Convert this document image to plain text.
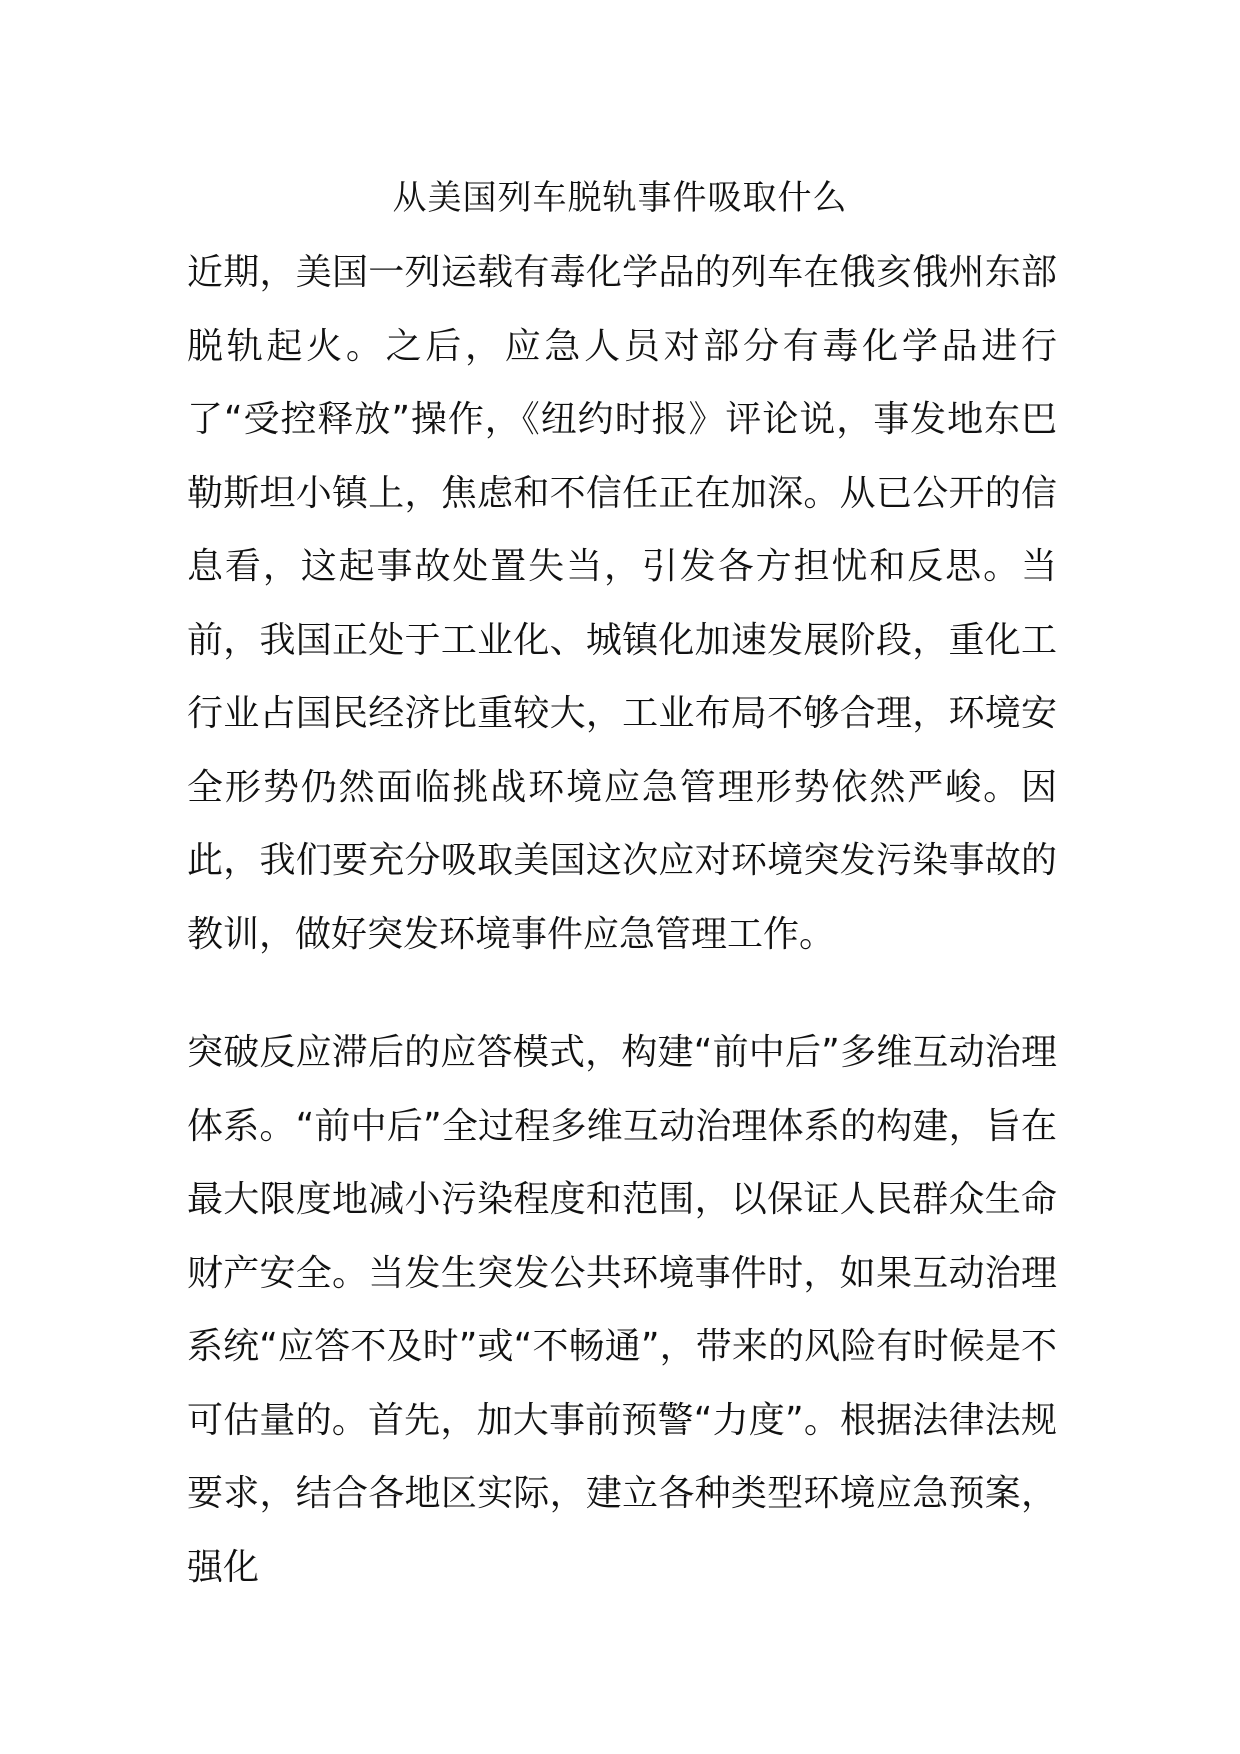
从美国列车脱轨事件吸取什么
近期，美国一列运载有毒化学品的列车在俄亥俄州东部脱轨起火。之后，应急人员对部分有毒化学品进行了“受控释放”操作，《纽约时报》评论说，事发地东巴勒斯坦小镇上，焦虑和不信任正在加深。从已公开的信息看，这起事故处置失当，引发各方担忧和反思。当前，我国正处于工业化、城镇化加速发展阶段，重化工行业占国民经济比重较大，工业布局不够合理，环境安全形势仍然面临挑战环境应急管理形势依然严峻。因此，我们要充分吸取美国这次应对环境突发污染事故的教训，做好突发环境事件应急管理工作。
突破反应滞后的应答模式，构建“前中后”多维互动治理体系。“前中后”全过程多维互动治理体系的构建，旨在最大限度地减小污染程度和范围，以保证人民群众生命财产安全。当发生突发公共环境事件时，如果互动治理系统“应答不及时”或“不畅通”，带来的风险有时候是不可估量的。首先，加大事前预警“力度”。根据法律法规要求，结合各地区实际，建立各种类型环境应急预案，强化
